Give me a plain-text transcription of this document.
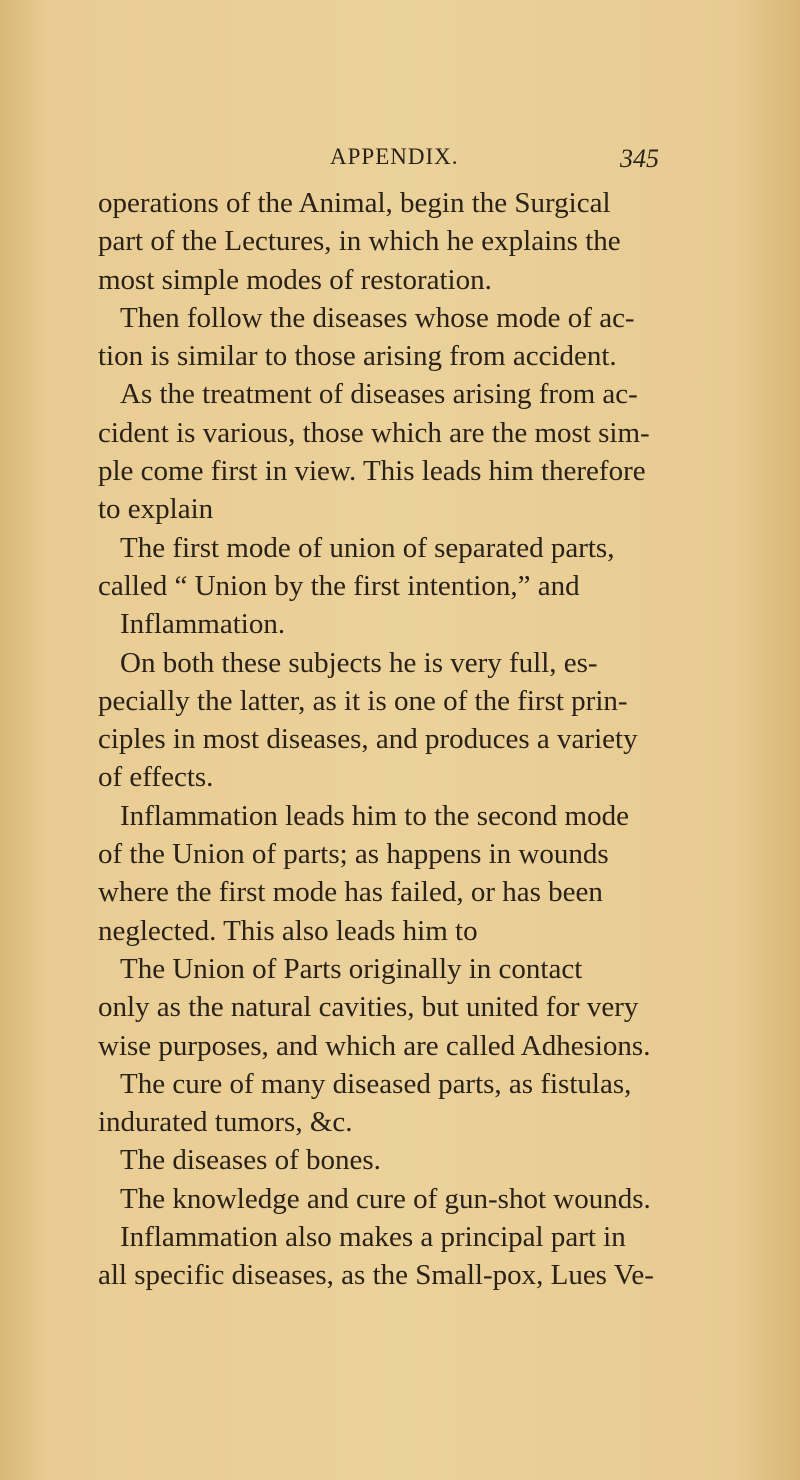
APPENDIX.	345
operations of the Animal, begin the Surgical
part of the Lectures, in which he explains the
most simple modes of restoration.
Then follow the diseases whose mode of ac-
tion is similar to those arising from accident.
As the treatment of diseases arising from ac-
cident is various, those which are the most sim-
ple come first in view. This leads him therefore
to explain
The first mode of union of separated parts,
called “ Union by the first intention,” and
Inflammation.
On both these subjects he is very full, es-
pecially the latter, as it is one of the first prin-
ciples in most diseases, and produces a variety
of effects.
Inflammation leads him to the second mode
of the Union of parts; as happens in wounds
where the first mode has failed, or has been
neglected. This also leads him to
The Union of Parts originally in contact
only as the natural cavities, but united for very
wise purposes, and which are called Adhesions.
The cure of many diseased parts, as fistulas,
indurated tumors, &c.
The diseases of bones.
The knowledge and cure of gun-shot wounds.
Inflammation also makes a principal part in
all specific diseases, as the Small-pox, Lues Ve-
